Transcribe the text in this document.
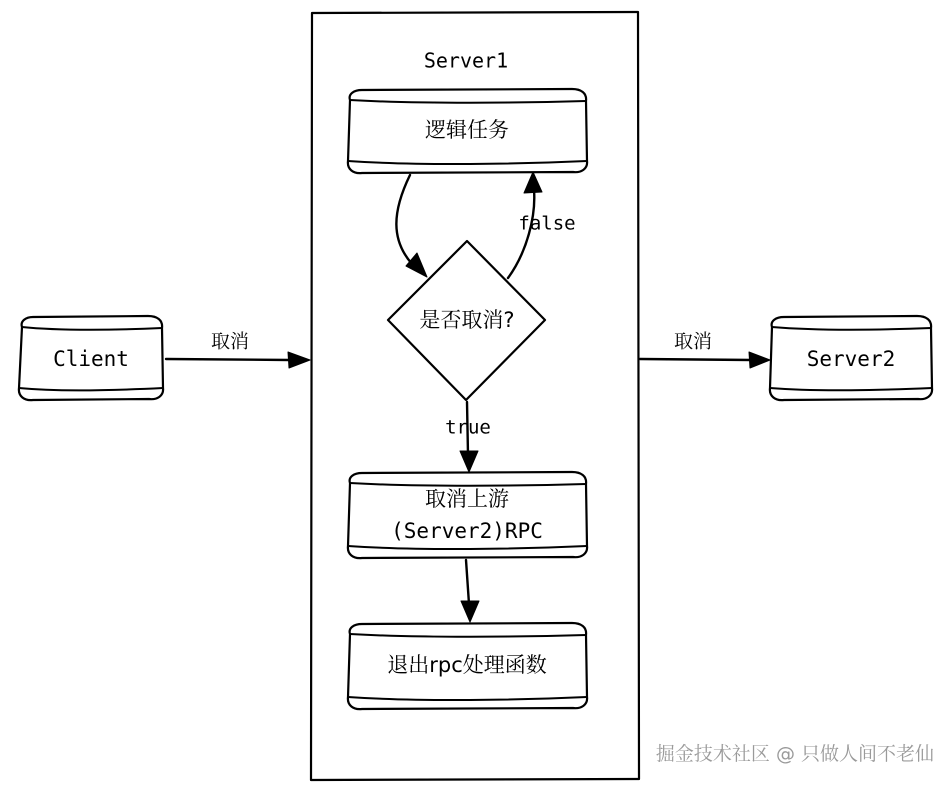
Server1
Client
逻辑任务
是否取消?
取消上游
(Server2)RPC
退出rpc处理函数
Server2
取消
false
true
取消
掘金技术社区 @ 只做人间不老仙
